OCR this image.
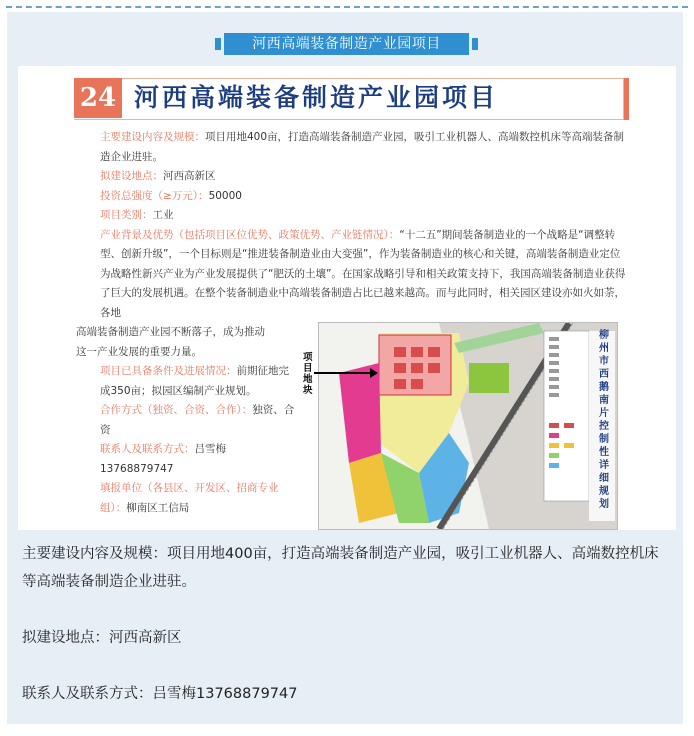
河西高端装备制造产业园项目
24 河西高端装备制造产业园项目

主要建设内容及规模：项目用地400亩，打造高端装备制造产业园，吸引工业机器人、高端数控机床等高端装备制造企业进驻。

拟建设地点：河西高新区

投资总强度（≥万元）：50000

项目类别：工业

产业背景及优势（包括项目区位优势、政策优势、产业链情况）：“十二五”期间装备制造业的一个战略是“调整转型、创新升级”，一个目标则是“推进装备制造业由大变强”，作为装备制造业的核心和关键，高端装备制造业定位为战略性新兴产业为产业发展提供了“肥沃的土壤”。在国家战略引导和相关政策支持下，我国高端装备制造业获得了巨大的发展机遇。在整个装备制造业中高端装备制造占比已越来越高。而与此同时，相关园区建设亦如火如荼，各地

高端装备制造产业园不断落子，成为推动

这一产业发展的重要力量。

项目已具备条件及进展情况：前期征地完成350亩；拟园区编制产业规划。

合作方式（独资、合资、合作）：独资、合资

联系人及联系方式：吕雪梅13768879747

填报单位（各县区、开发区、招商专业组）：柳南区工信局

柳州市西鹅南片控制性详细规划
项目地块

主要建设内容及规模：项目用地400亩，打造高端装备制造产业园，吸引工业机器人、高端数控机床等高端装备制造企业进驻。

拟建设地点：河西高新区

联系人及联系方式：吕雪梅13768879747
